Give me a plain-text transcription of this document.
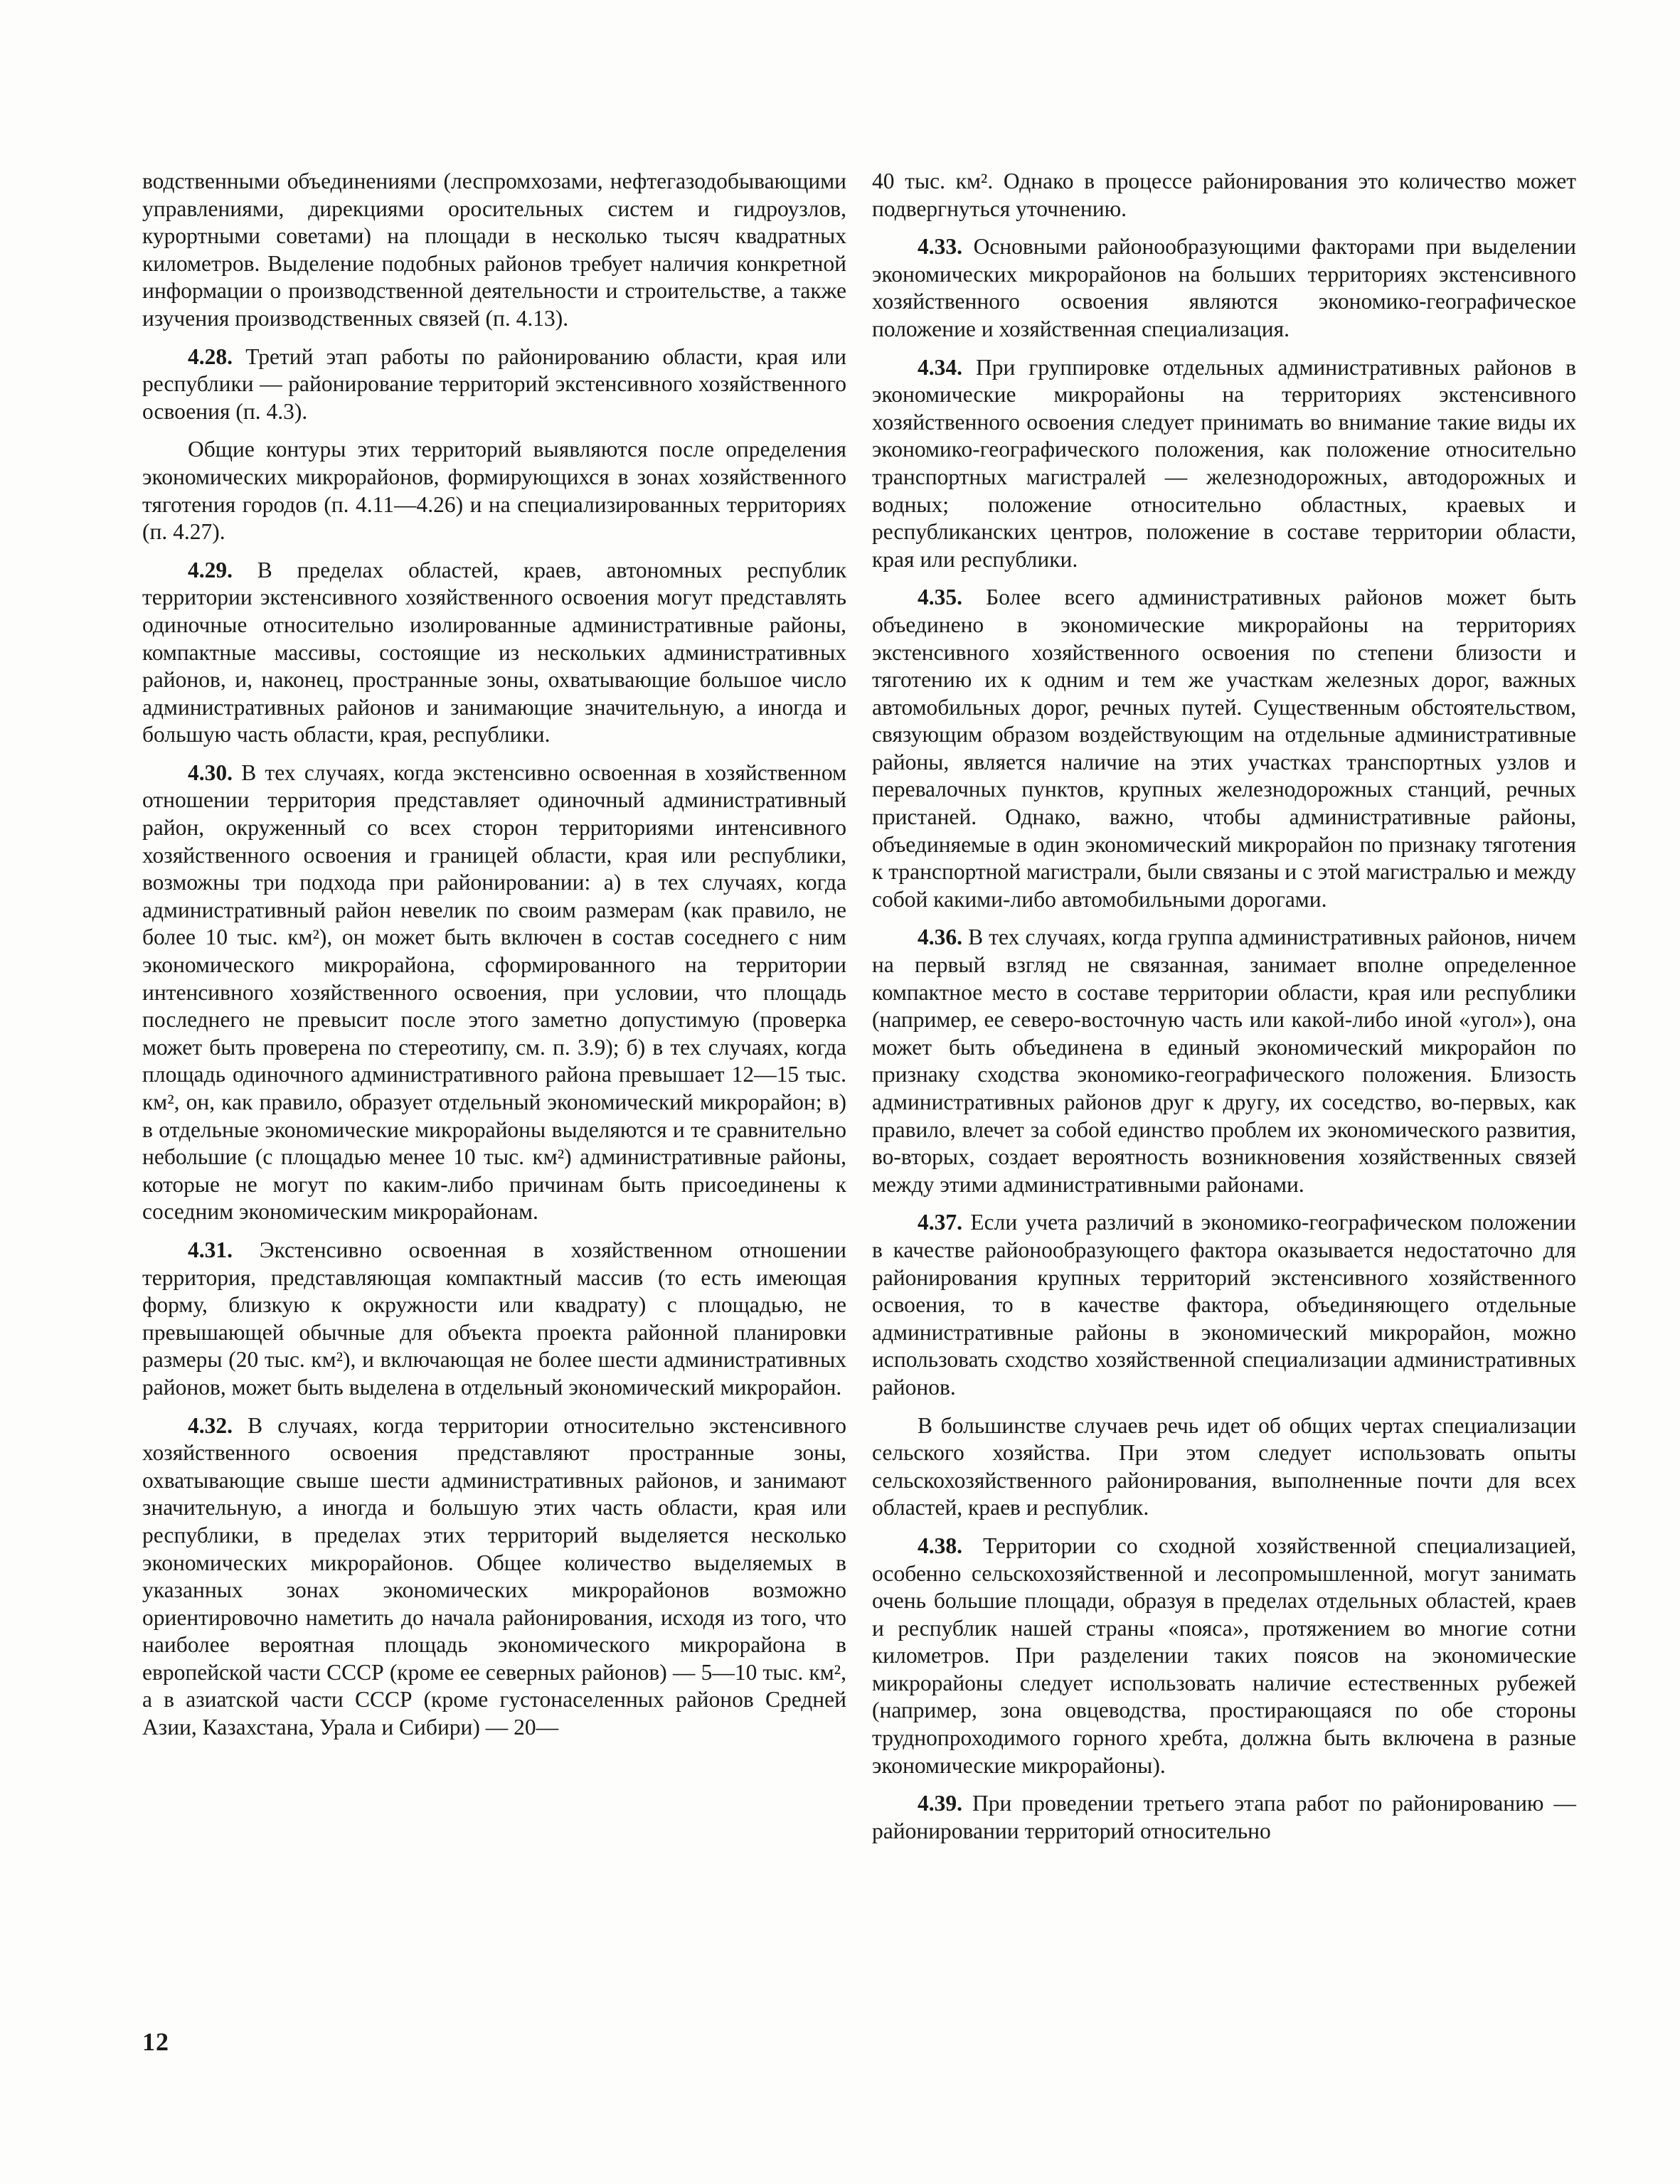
водственными объединениями (леспромхозами, нефтегазодобывающими управлениями, дирекциями оросительных систем и гидроузлов, курортными советами) на площади в несколько тысяч квадратных километров. Выделение подобных районов требует наличия конкретной информации о производственной деятельности и строительстве, а также изучения производственных связей (п. 4.13).

4.28. Третий этап работы по районированию области, края или республики — районирование территорий экстенсивного хозяйственного освоения (п. 4.3).

Общие контуры этих территорий выявляются после определения экономических микрорайонов, формирующихся в зонах хозяйственного тяготения городов (п. 4.11—4.26) и на специализированных территориях (п. 4.27).

4.29. В пределах областей, краев, автономных республик территории экстенсивного хозяйственного освоения могут представлять одиночные относительно изолированные административные районы, компактные массивы, состоящие из нескольких административных районов, и, наконец, пространные зоны, охватывающие большое число административных районов и занимающие значительную, а иногда и большую часть области, края, республики.

4.30. В тех случаях, когда экстенсивно освоенная в хозяйственном отношении территория представляет одиночный административный район, окруженный со всех сторон территориями интенсивного хозяйственного освоения и границей области, края или республики, возможны три подхода при районировании: а) в тех случаях, когда административный район невелик по своим размерам (как правило, не более 10 тыс. км²), он может быть включен в состав соседнего с ним экономического микрорайона, сформированного на территории интенсивного хозяйственного освоения, при условии, что площадь последнего не превысит после этого заметно допустимую (проверка может быть проверена по стереотипу, см. п. 3.9); б) в тех случаях, когда площадь одиночного административного района превышает 12—15 тыс. км², он, как правило, образует отдельный экономический микрорайон; в) в отдельные экономические микрорайоны выделяются и те сравнительно небольшие (с площадью менее 10 тыс. км²) административные районы, которые не могут по каким-либо причинам быть присоединены к соседним экономическим микрорайонам.

4.31. Экстенсивно освоенная в хозяйственном отношении территория, представляющая компактный массив (то есть имеющая форму, близкую к окружности или квадрату) с площадью, не превышающей обычные для объекта проекта районной планировки размеры (20 тыс. км²), и включающая не более шести административных районов, может быть выделена в отдельный экономический микрорайон.

4.32. В случаях, когда территории относительно экстенсивного хозяйственного освоения представляют пространные зоны, охватывающие свыше шести административных районов, и занимают значительную, а иногда и большую этих часть области, края или республики, в пределах этих территорий выделяется несколько экономических микрорайонов. Общее количество выделяемых в указанных зонах экономических микрорайонов возможно ориентировочно наметить до начала районирования, исходя из того, что наиболее вероятная площадь экономического микрорайона в европейской части СССР (кроме ее северных районов) — 5—10 тыс. км², а в азиатской части СССР (кроме густонаселенных районов Средней Азии, Казахстана, Урала и Сибири) — 20—

40 тыс. км². Однако в процессе районирования это количество может подвергнуться уточнению.

4.33. Основными районообразующими факторами при выделении экономических микрорайонов на больших территориях экстенсивного хозяйственного освоения являются экономико-географическое положение и хозяйственная специализация.

4.34. При группировке отдельных административных районов в экономические микрорайоны на территориях экстенсивного хозяйственного освоения следует принимать во внимание такие виды их экономико-географического положения, как положение относительно транспортных магистралей — железнодорожных, автодорожных и водных; положение относительно областных, краевых и республиканских центров, положение в составе территории области, края или республики.

4.35. Более всего административных районов может быть объединено в экономические микрорайоны на территориях экстенсивного хозяйственного освоения по степени близости и тяготению их к одним и тем же участкам железных дорог, важных автомобильных дорог, речных путей. Существенным обстоятельством, связующим образом воздействующим на отдельные административные районы, является наличие на этих участках транспортных узлов и перевалочных пунктов, крупных железнодорожных станций, речных пристаней. Однако, важно, чтобы административные районы, объединяемые в один экономический микрорайон по признаку тяготения к транспортной магистрали, были связаны и с этой магистралью и между собой какими-либо автомобильными дорогами.

4.36. В тех случаях, когда группа административных районов, ничем на первый взгляд не связанная, занимает вполне определенное компактное место в составе территории области, края или республики (например, ее северо-восточную часть или какой-либо иной «угол»), она может быть объединена в единый экономический микрорайон по признаку сходства экономико-географического положения. Близость административных районов друг к другу, их соседство, во-первых, как правило, влечет за собой единство проблем их экономического развития, во-вторых, создает вероятность возникновения хозяйственных связей между этими административными районами.

4.37. Если учета различий в экономико-географическом положении в качестве районообразующего фактора оказывается недостаточно для районирования крупных территорий экстенсивного хозяйственного освоения, то в качестве фактора, объединяющего отдельные административные районы в экономический микрорайон, можно использовать сходство хозяйственной специализации административных районов.

В большинстве случаев речь идет об общих чертах специализации сельского хозяйства. При этом следует использовать опыты сельскохозяйственного районирования, выполненные почти для всех областей, краев и республик.

4.38. Территории со сходной хозяйственной специализацией, особенно сельскохозяйственной и лесопромышленной, могут занимать очень большие площади, образуя в пределах отдельных областей, краев и республик нашей страны «пояса», протяжением во многие сотни километров. При разделении таких поясов на экономические микрорайоны следует использовать наличие естественных рубежей (например, зона овцеводства, простирающаяся по обе стороны труднопроходимого горного хребта, должна быть включена в разные экономические микрорайоны).

4.39. При проведении третьего этапа работ по районированию — районировании территорий относительно

12
